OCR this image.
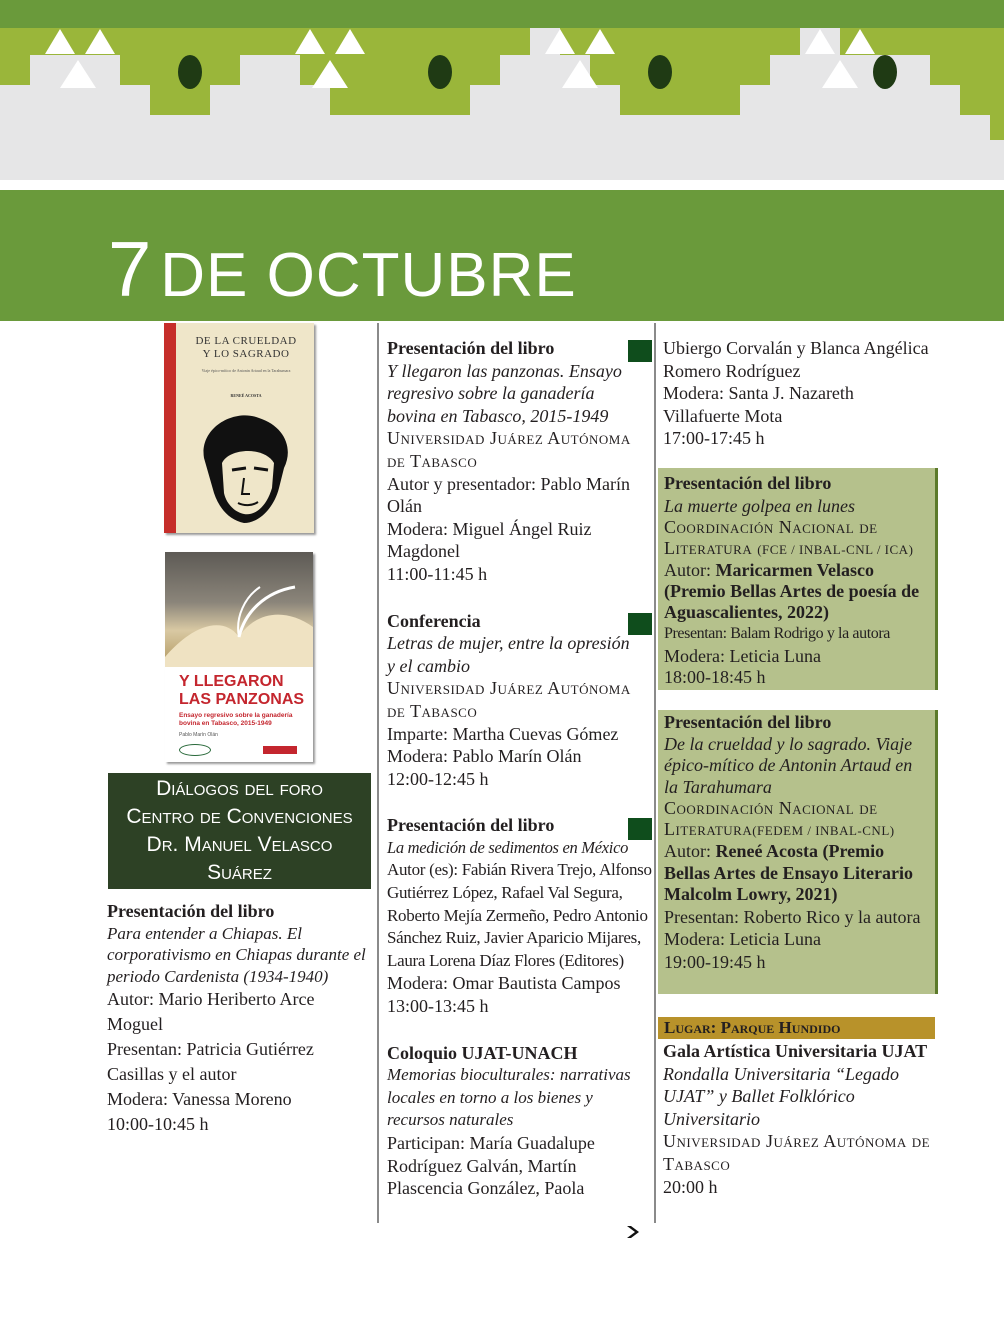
7 DE OCTUBRE
DE LA CRUELDAD
Y LO SAGRADO
Viaje épico-mítico de Antonin Artaud en la Tarahumara
RENEÉ ACOSTA
Y LLEGARON
LAS PANZONAS
Ensayo regresivo sobre la ganadería bovina en Tabasco, 2015-1949
Pablo Marín Olán
Diálogos del foro
Centro de Convenciones
Dr. Manuel Velasco
Suárez

Presentación del libro

Para entender a Chiapas. El corporativismo en Chiapas durante el periodo Cardenista (1934-1940)

Autor: Mario Heriberto Arce Moguel

Presentan: Patricia Gutiérrez Casillas y el autor

Modera: Vanessa Moreno

10:00-10:45 h

Presentación del libro

Y llegaron las panzonas. Ensayo regresivo sobre la ganadería bovina en Tabasco, 2015-1949

Universidad Juárez Autónoma de Tabasco

Autor y presentador: Pablo Marín Olán

Modera: Miguel Ángel Ruiz Magdonel

11:00-11:45 h

Conferencia

Letras de mujer, entre la opresión y el cambio

Universidad Juárez Autónoma de Tabasco

Imparte: Martha Cuevas Gómez

Modera: Pablo Marín Olán

12:00-12:45 h

Presentación del libro

La medición de sedimentos en México

Autor (es): Fabián Rivera Trejo, Alfonso Gutiérrez López, Rafael Val Segura, Roberto Mejía Zermeño, Pedro Antonio Sánchez Ruiz, Javier Aparicio Mijares, Laura Lorena Díaz Flores (Editores)

Modera: Omar Bautista Campos

13:00-13:45 h

Coloquio UJAT-UNACH

Memorias bioculturales: narrativas locales en torno a los bienes y recursos naturales

Participan: María Guadalupe Rodríguez Galván, Martín Plascencia González, Paola

Ubiergo Corvalán y Blanca Angélica Romero Rodríguez

Modera: Santa J. Nazareth Villafuerte Mota

17:00-17:45 h

Presentación del libro

La muerte golpea en lunes

Coordinación Nacional de Literatura (FCE / INBAL-CNL / ICA)

Autor: Maricarmen Velasco (Premio Bellas Artes de poesía de Aguascalientes, 2022)

Presentan: Balam Rodrigo y la autora

Modera: Leticia Luna

18:00-18:45 h

Presentación del libro

De la crueldad y lo sagrado. Viaje épico-mítico de Antonin Artaud en la Tarahumara

Coordinación Nacional de Literatura(FEDEM / INBAL-CNL)

Autor: Reneé Acosta (Premio Bellas Artes de Ensayo Literario Malcolm Lowry, 2021)

Presentan: Roberto Rico y la autora

Modera: Leticia Luna

19:00-19:45 h

Lugar: Parque Hundido

Gala Artística Universitaria UJAT

Rondalla Universitaria “Legado UJAT” y Ballet Folklórico Universitario

Universidad Juárez Autónoma de Tabasco

20:00 h
